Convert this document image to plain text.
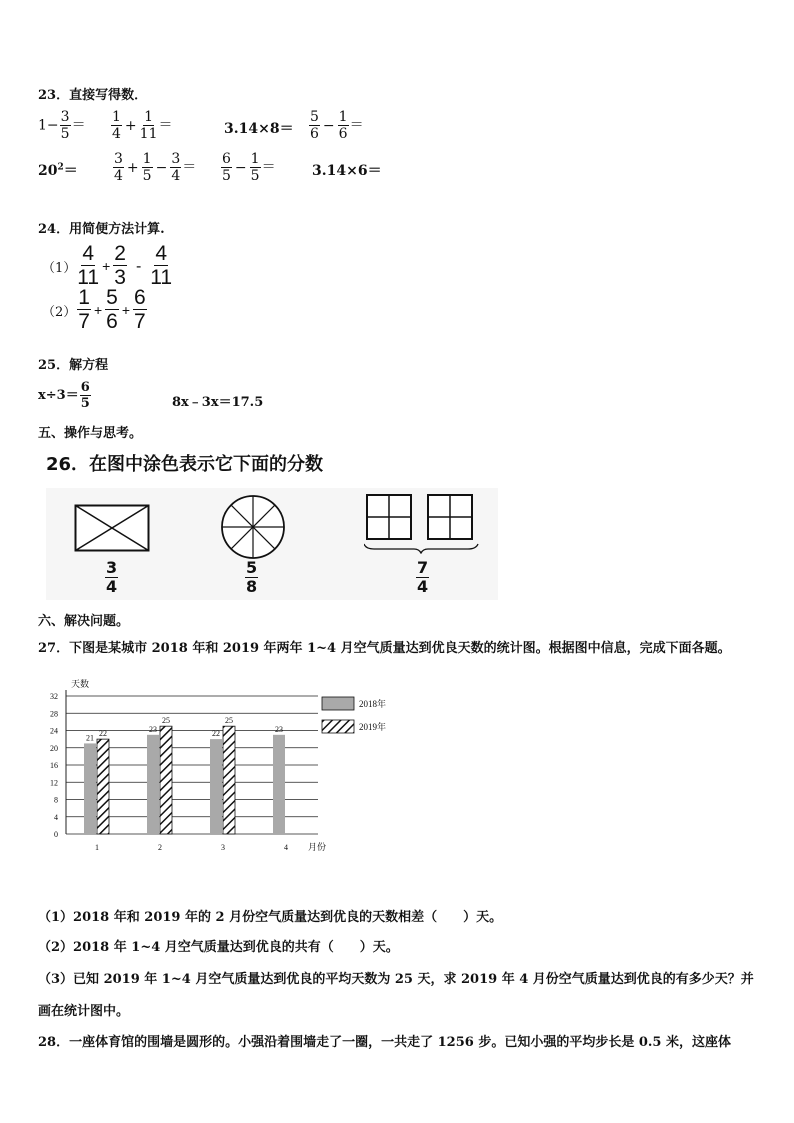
23．直接写得数．
$1- \frac{3}{5} = \frac{1}{4} + \frac{1}{11}$ ＝	$3.14\times 8= \frac{5}{6} - \frac{1}{6}$ ＝
$20^2=$	$\frac{3}{4} + \frac{1}{5} - \frac{3}{4} = \frac{6}{5} - \frac{1}{5}$ ＝	3.14×6＝
24．用简便方法计算.
$(1) \frac{4}{11} + \frac{2}{3} - \frac{4}{11}$
$(2) \frac{1}{7} + \frac{5}{6} + \frac{6}{7}$
25．解方程
$x\div 3= \frac{6}{5}$	8x﹣3x＝17.5
五、操作与思考。
26．在图中涂色表示它下面的分数
$\frac{3}{4}$	$\frac{5}{8}$	$\frac{7}{4}$
六、解决问题。
27．下图是某城市 2018 年和 2019 年两年 1~4 月空气质量达到优良天数的统计图。根据图中信息，完成下面各题。
0
4
8
12
16
20
24
28
32
天数
1
21 22
2
23
25
3
22
25
4
23
月份
2018年
2019年
（1）2018 年和 2019 年的 2 月份空气质量达到优良的天数相差（　　）天。
（2）2018 年 1~4 月空气质量达到优良的共有（　　）天。
（3）已知 2019 年 1~4 月空气质量达到优良的平均天数为 25 天，求 2019 年 4 月份空气质量达到优良的有多少天？并
画在统计图中。
28．一座体育馆的围墙是圆形的。小强沿着围墙走了一圈，一共走了 1256 步。已知小强的平均步长是 0.5 米，这座体
